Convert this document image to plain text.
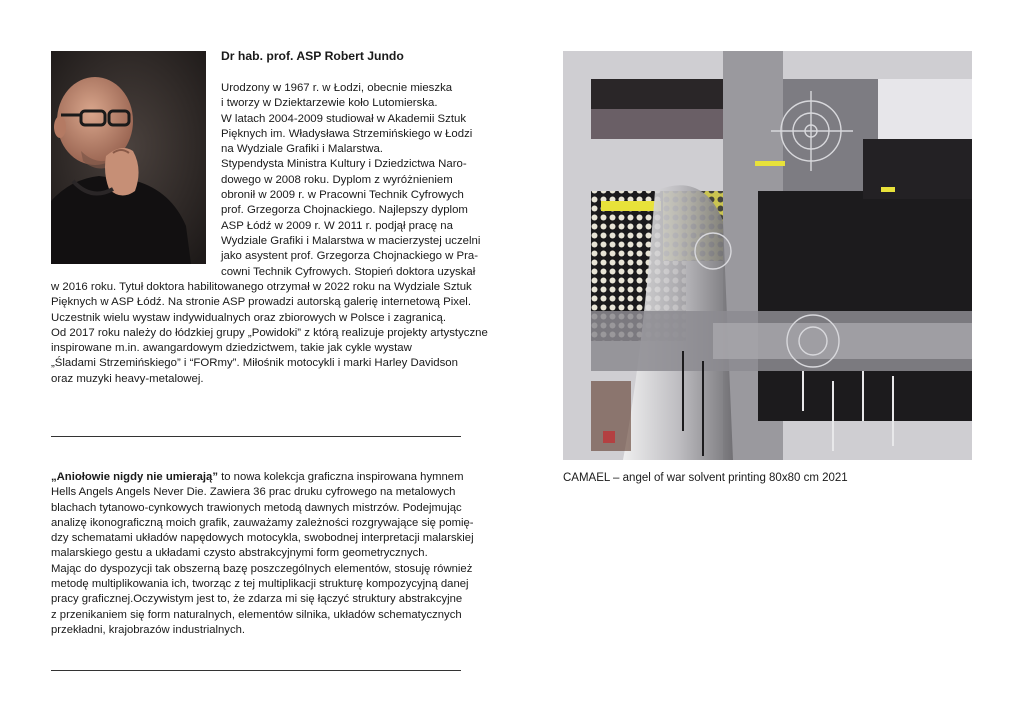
Dr hab. prof. ASP Robert Jundo
Urodzony w 1967 r. w Łodzi, obecnie mieszka
i tworzy w Dziektarzewie koło Lutomierska.
W latach 2004-2009 studiował w Akademii Sztuk
Pięknych im. Władysława Strzemińskiego w Łodzi
na Wydziale Grafiki i Malarstwa.
Stypendysta Ministra Kultury i Dziedzictwa Naro-
dowego w 2008 roku. Dyplom z wyróżnieniem
obronił w 2009 r. w Pracowni Technik Cyfrowych
prof. Grzegorza Chojnackiego. Najlepszy dyplom
ASP Łódź w 2009 r. W 2011 r. podjął pracę na
Wydziale Grafiki i Malarstwa w macierzystej uczelni
jako asystent prof. Grzegorza Chojnackiego w Pra-
cowni Technik Cyfrowych. Stopień doktora uzyskał
w 2016 roku. Tytuł doktora habilitowanego otrzymał w 2022 roku na Wydziale Sztuk
Pięknych w ASP Łódź. Na stronie ASP prowadzi autorską galerię internetową Pixel.
Uczestnik wielu wystaw indywidualnych oraz zbiorowych w Polsce i zagranicą.
Od 2017 roku należy do łódzkiej grupy „Powidoki” z którą realizuje projekty artystyczne
inspirowane m.in. awangardowym dziedzictwem, takie jak cykle wystaw
„Śladami Strzemińskiego” i “FORmy”. Miłośnik motocykli i marki Harley Davidson
oraz muzyki heavy-metalowej.
„Aniołowie nigdy nie umierają” to nowa kolekcja graficzna inspirowana hymnem
Hells Angels Angels Never Die. Zawiera 36 prac druku cyfrowego na metalowych
blachach tytanowo-cynkowych trawionych metodą dawnych mistrzów. Podejmując
analizę ikonograficzną moich grafik, zauważamy zależności rozgrywające się pomię-
dzy schematami układów napędowych motocykla, swobodnej interpretacji malarskiej
malarskiego gestu a układami czysto abstrakcyjnymi form geometrycznych.
Mając do dyspozycji tak obszerną bazę poszczególnych elementów, stosuję również
metodę multiplikowania ich, tworząc z tej multiplikacji strukturę kompozycyjną danej
pracy graficznej.Oczywistym jest to, że zdarza mi się łączyć struktury abstrakcyjne
z przenikaniem się form naturalnych, elementów silnika, układów schematycznych
przekładni, krajobrazów industrialnych.
CAMAEL – angel of war solvent printing 80x80 cm 2021
